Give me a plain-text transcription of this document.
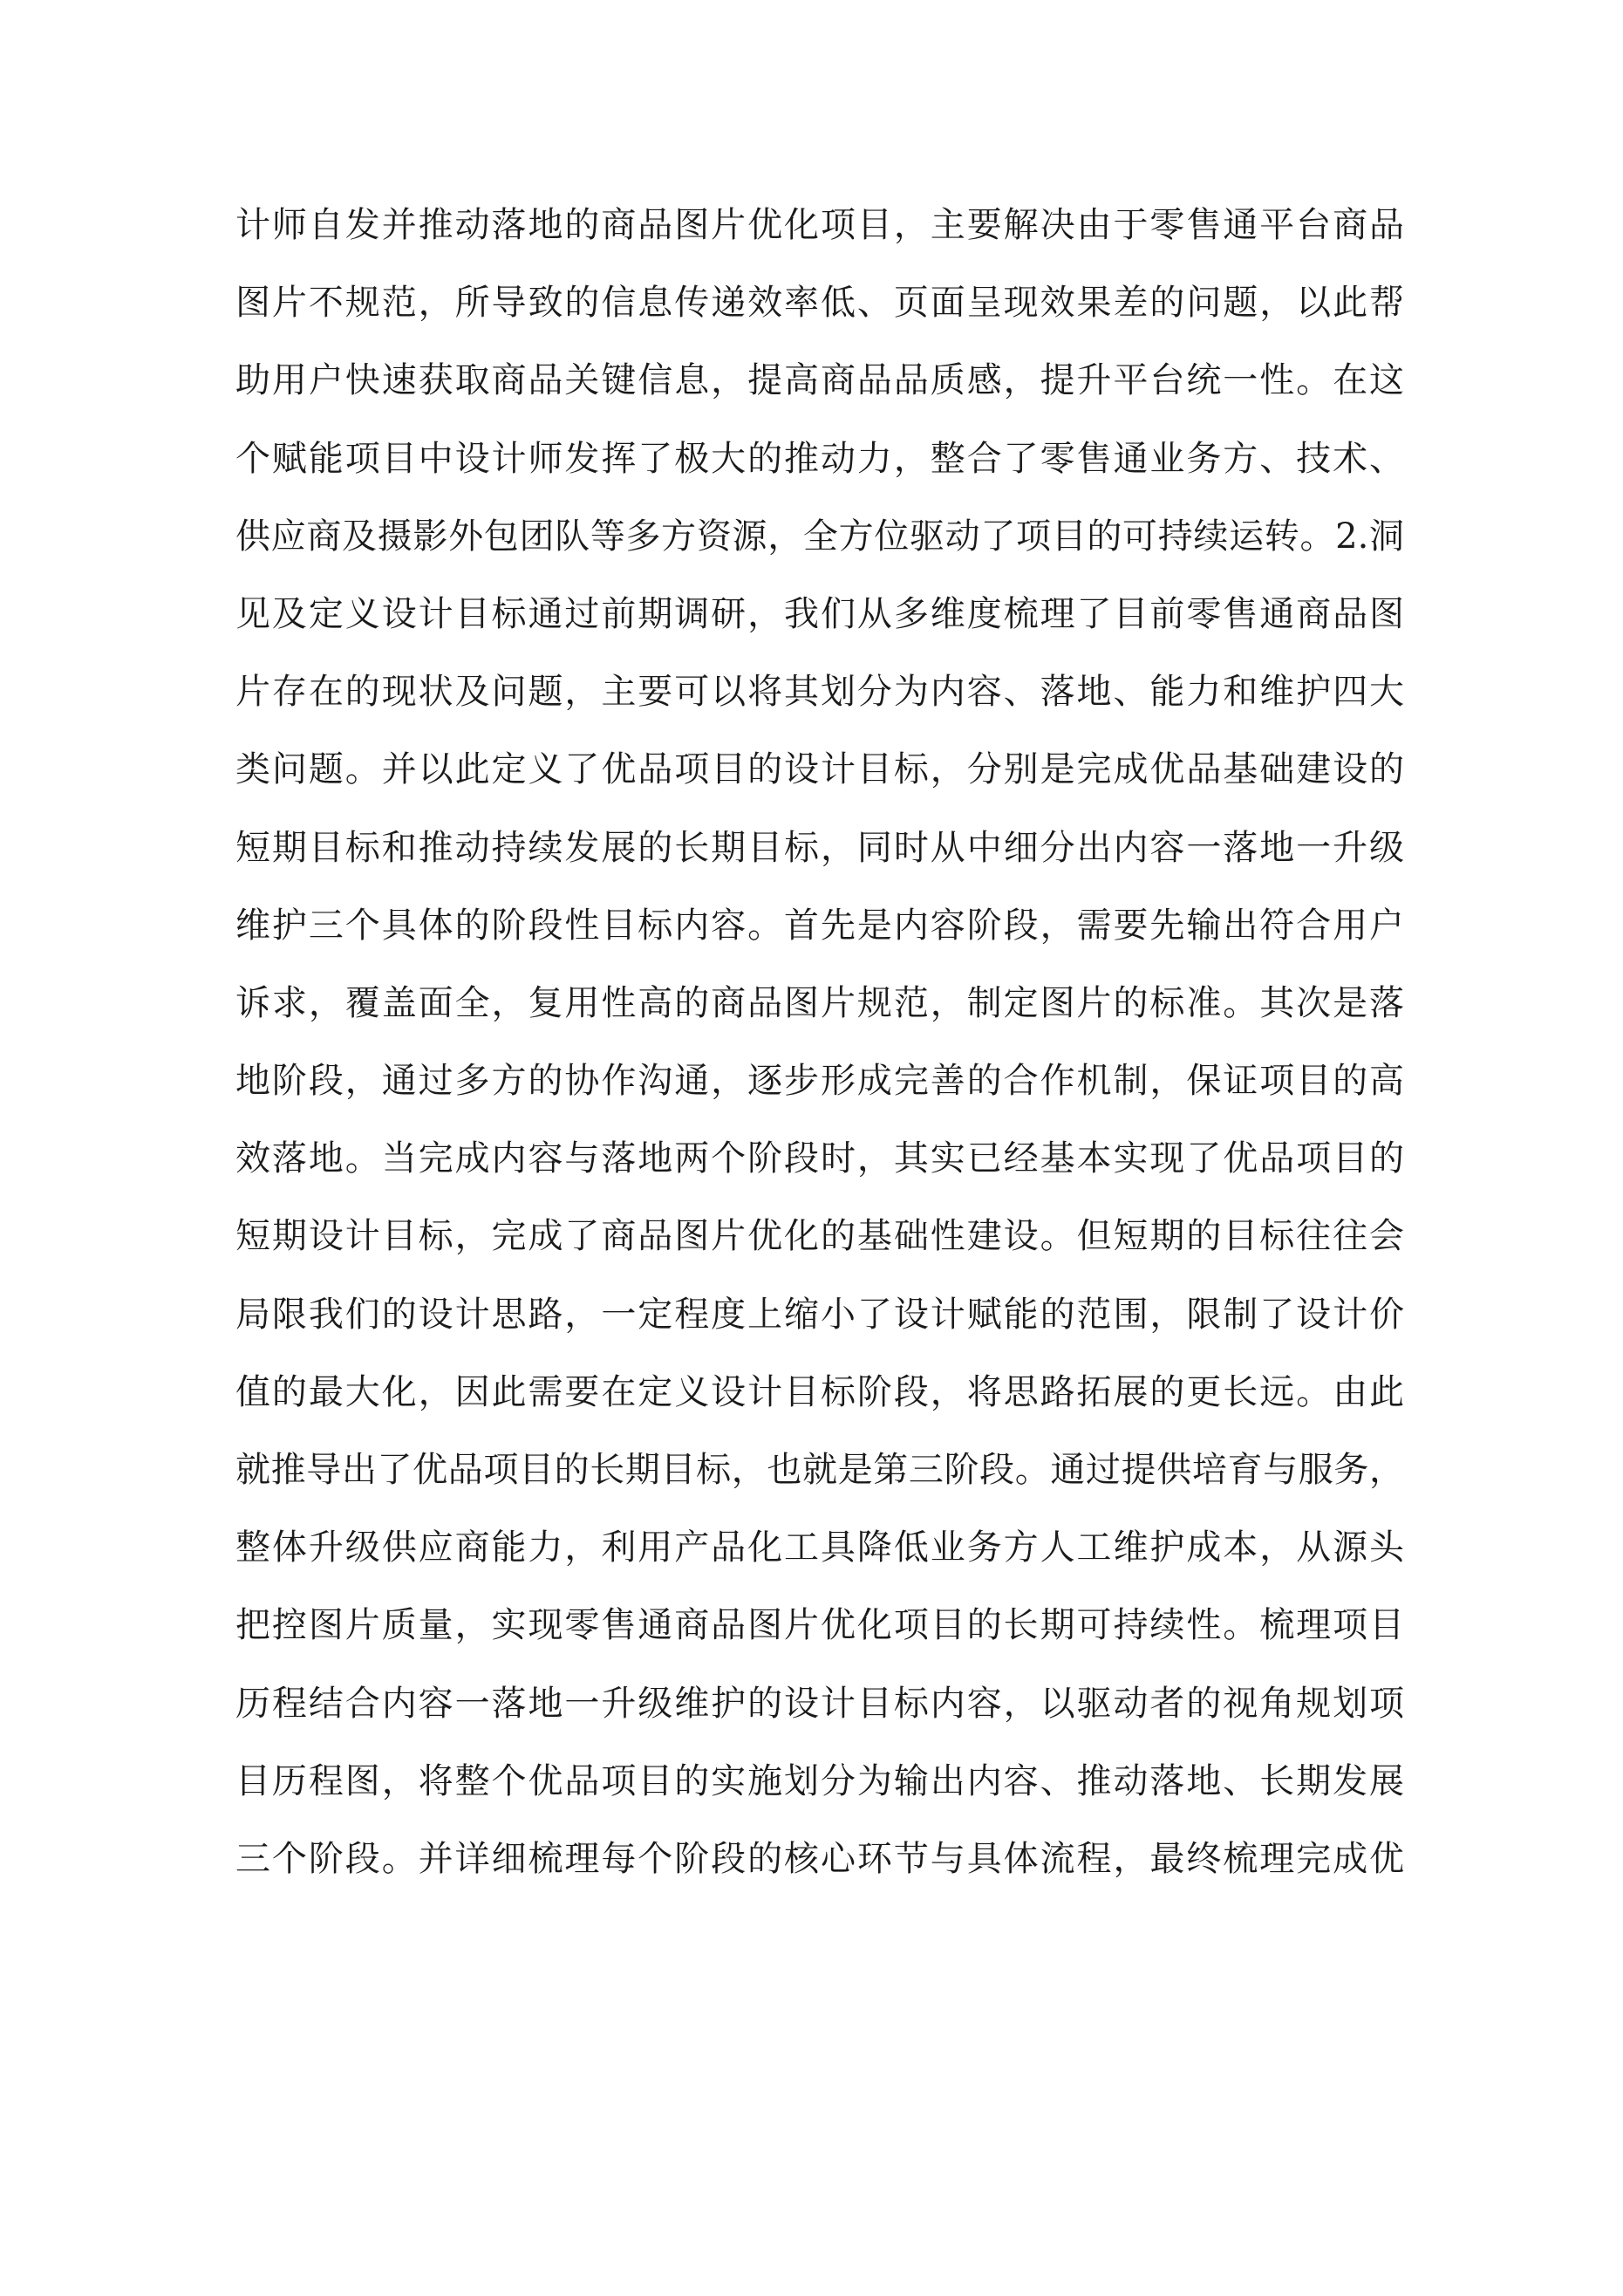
计师自发并推动落地的商品图片优化项目，主要解决由于零售通平台商品
图片不规范，所导致的信息传递效率低、页面呈现效果差的问题，以此帮
助用户快速获取商品关键信息，提高商品品质感，提升平台统一性。在这
个赋能项目中设计师发挥了极大的推动力，整合了零售通业务方、技术、
供应商及摄影外包团队等多方资源，全方位驱动了项目的可持续运转。2.洞
见及定义设计目标通过前期调研，我们从多维度梳理了目前零售通商品图
片存在的现状及问题，主要可以将其划分为内容、落地、能力和维护四大
类问题。并以此定义了优品项目的设计目标，分别是完成优品基础建设的
短期目标和推动持续发展的长期目标，同时从中细分出内容一落地一升级
维护三个具体的阶段性目标内容。首先是内容阶段，需要先输出符合用户
诉求，覆盖面全，复用性高的商品图片规范，制定图片的标准。其次是落
地阶段，通过多方的协作沟通，逐步形成完善的合作机制，保证项目的高
效落地。当完成内容与落地两个阶段时，其实已经基本实现了优品项目的
短期设计目标，完成了商品图片优化的基础性建设。但短期的目标往往会
局限我们的设计思路，一定程度上缩小了设计赋能的范围，限制了设计价
值的最大化，因此需要在定义设计目标阶段，将思路拓展的更长远。由此
就推导出了优品项目的长期目标，也就是第三阶段。通过提供培育与服务，
整体升级供应商能力，利用产品化工具降低业务方人工维护成本，从源头
把控图片质量，实现零售通商品图片优化项目的长期可持续性。梳理项目
历程结合内容一落地一升级维护的设计目标内容，以驱动者的视角规划项
目历程图，将整个优品项目的实施划分为输出内容、推动落地、长期发展
三个阶段。并详细梳理每个阶段的核心环节与具体流程，最终梳理完成优
